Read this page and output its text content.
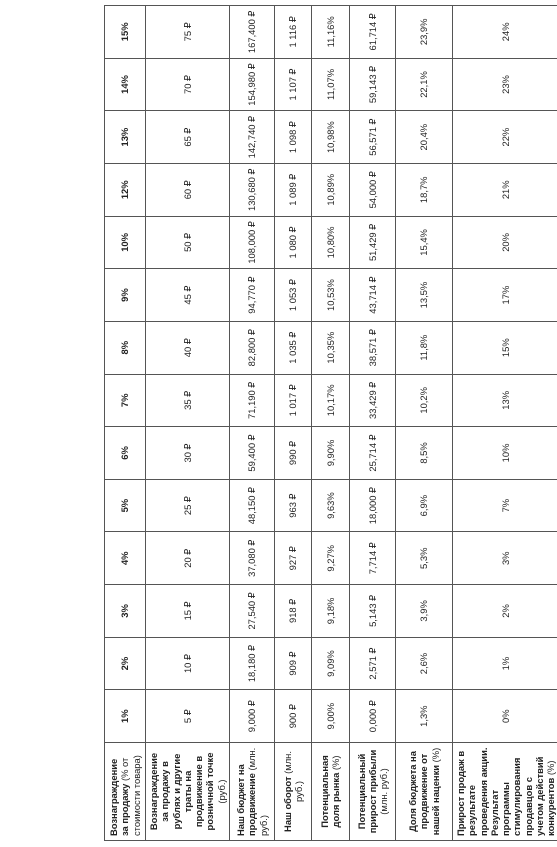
Вознаграждение за продажу (% от стоимости товара)	1%	2%	3%	4%	5%	6%	7%	8%	9%	10%	12%	13%	14%	15%
Вознаграждение за продажу в рублях и другие траты на продвижение в розничной точке (руб.)	5 ₽	10 ₽	15 ₽	20 ₽	25 ₽	30 ₽	35 ₽	40 ₽	45 ₽	50 ₽	60 ₽	65 ₽	70 ₽	75 ₽
Наш бюджет на продвижение (млн. руб.)	9,000 ₽	18,180 ₽	27,540 ₽	37,080 ₽	48,150 ₽	59,400 ₽	71,190 ₽	82,800 ₽	94,770 ₽	108,000 ₽	130,680 ₽	142,740 ₽	154,980 ₽	167,400 ₽
Наш оборот (млн. руб.)	900 ₽	909 ₽	918 ₽	927 ₽	963 ₽	990 ₽	1 017 ₽	1 035 ₽	1 053 ₽	1 080 ₽	1 089 ₽	1 098 ₽	1 107 ₽	1 116 ₽
Потенциальная доля рынка (%)	9,00%	9,09%	9,18%	9,27%	9,63%	9,90%	10,17%	10,35%	10,53%	10,80%	10,89%	10,98%	11,07%	11,16%
Потенциальный прирост прибыли (млн. руб.)	0,000 ₽	2,571 ₽	5,143 ₽	7,714 ₽	18,000 ₽	25,714 ₽	33,429 ₽	38,571 ₽	43,714 ₽	51,429 ₽	54,000 ₽	56,571 ₽	59,143 ₽	61,714 ₽
Доля бюджета на продвижение от нашей наценки (%)	1,3%	2,6%	3,9%	5,3%	6,9%	8,5%	10,2%	11,8%	13,5%	15,4%	18,7%	20,4%	22,1%	23,9%
Прирост продаж в результате проведения акции. Результат программы стимулирования продавцов с учетом действий конкурентов (%)	0%	1%	2%	3%	7%	10%	13%	15%	17%	20%	21%	22%	23%	24%
